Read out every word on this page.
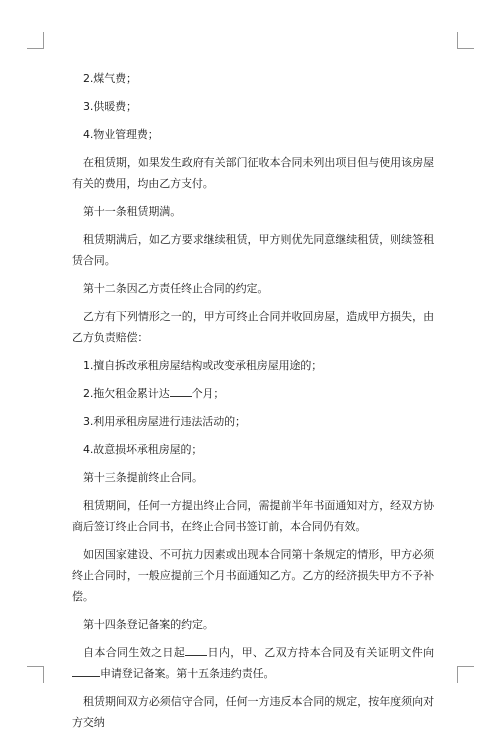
2.煤气费；

3.供暖费；

4.物业管理费；

在租赁期，如果发生政府有关部门征收本合同未列出项目但与使用该房屋有关的费用，均由乙方支付。

第十一条租赁期满。

租赁期满后，如乙方要求继续租赁，甲方则优先同意继续租赁，则续签租赁合同。

第十二条因乙方责任终止合同的约定。

乙方有下列情形之一的，甲方可终止合同并收回房屋，造成甲方损失，由乙方负责赔偿：

1.擅自拆改承租房屋结构或改变承租房屋用途的；

2.拖欠租金累计达 个月；

3.利用承租房屋进行违法活动的；

4.故意损坏承租房屋的；

第十三条提前终止合同。

租赁期间，任何一方提出终止合同，需提前半年书面通知对方，经双方协商后签订终止合同书，在终止合同书签订前，本合同仍有效。

如因国家建设、不可抗力因素或出现本合同第十条规定的情形，甲方必须终止合同时，一般应提前三个月书面通知乙方。乙方的经济损失甲方不予补偿。

第十四条登记备案的约定。

自本合同生效之日起 日内，甲、乙双方持本合同及有关证明文件向申请登记备案。第十五条违约责任。

租赁期间双方必须信守合同，任何一方违反本合同的规定，按年度须向对方交纳
